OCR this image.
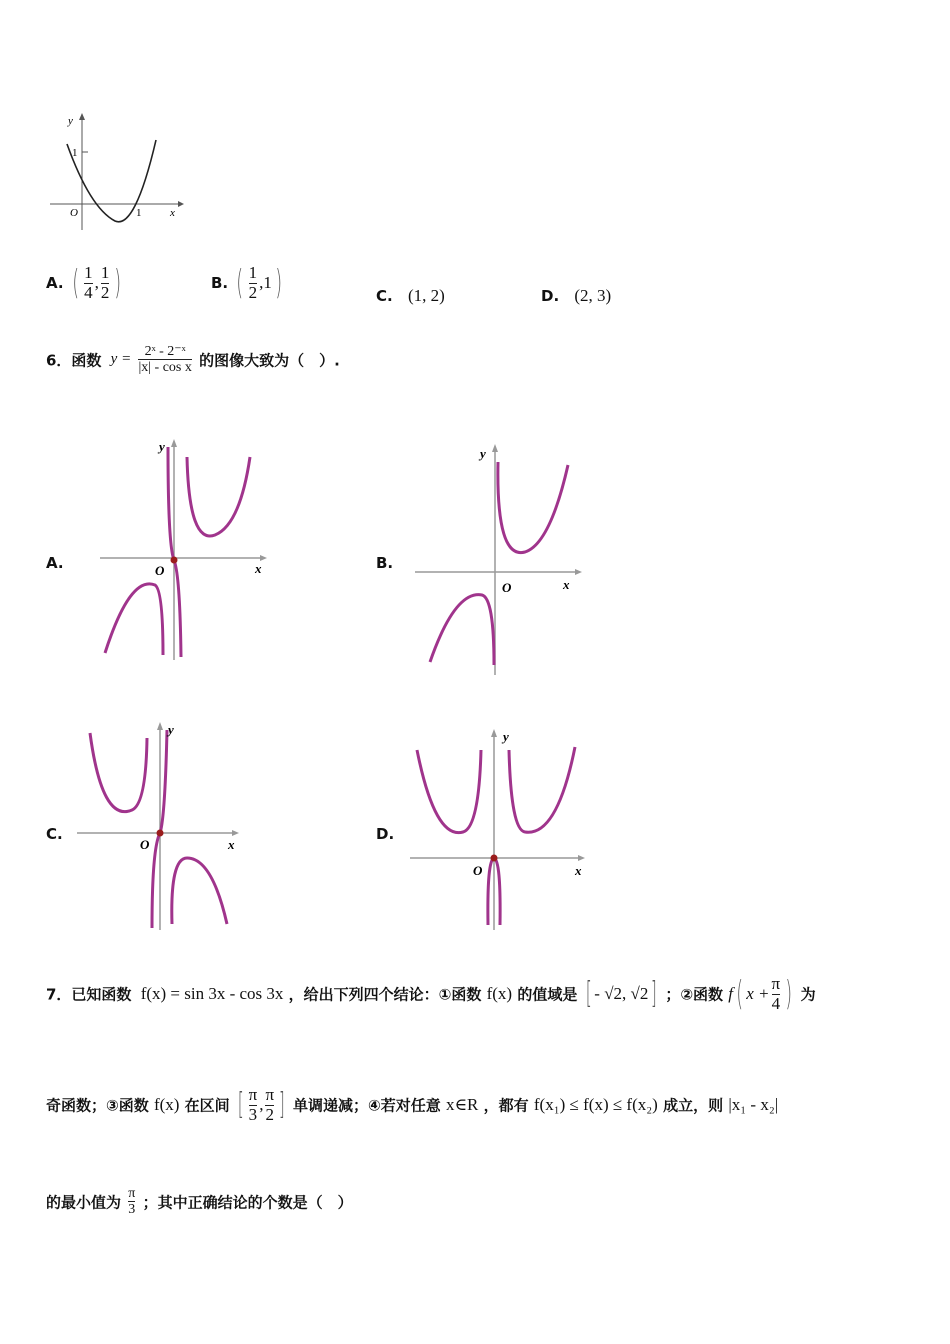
y
1
O	1	x
A. ( $\frac{1}{4}$ , $\frac{1}{2}$ )	B. ( $\frac{1}{2} ,1$)	C. (1, 2)	D. (2, 3)
6．函数 $y = \frac{\text{2ˣ - 2⁻ˣ}}{\text{|x| - cos x}}$ 的图像大致为（　）.
A.	B.
C.	D.
y
O	x
y
O	x
y
O	x
y
O	x
7．已知函数 f(x) = sin 3x - cos 3x ，给出下列四个结论：①函数 f(x) 的值域是 [ - √2, √2] ；②函数 f( $x + \frac{\pi}{4}$ ) 为
奇函数；③函数 f(x) 在区间 [ $\frac{\pi}{3}$ , $\frac{\pi}{2}$ ] 单调递减；④若对任意 x∈R ，都有 f(x₁) ≤ f(x) ≤ f(x₂) 成立，则 |x₁ - x₂|
的最小值为 $\frac{\pi}{3}$ ；其中正确结论的个数是（　）
